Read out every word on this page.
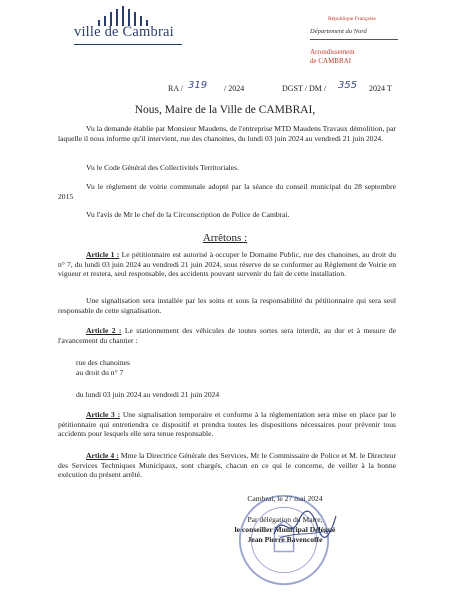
ville de Cambrai
République Française
Département du Nord
Arrondissement
de CAMBRAI
RA / 319 / 2024	DGST / DM / 355 2024 T
Nous, Maire de la Ville de CAMBRAI,
Vu la demande établie par Monsieur Maudens, de l'entreprise MTD Maudens Travaux démolition, par laquelle il nous informe qu'il intervient, rue des chanoines, du lundi 03 juin 2024 au vendredi 21 juin 2024.
Vu le Code Général des Collectivités Territoriales.
Vu le règlement de voirie communale adopté par la séance du conseil municipal du 28 septembre 2015
Vu l'avis de Mr le chef de la Circonscription de Police de Cambrai.
Arrêtons :
Article 1 : Le pétitionnaire est autorisé à occuper le Domaine Public, rue des chanoines, au droit du n° 7, du lundi 03 juin 2024 au vendredi 21 juin 2024, sous réserve de se conformer au Règlement de Voirie en vigueur et restera, seul responsable, des accidents pouvant survenir du fait de cette installation.
Une signalisation sera installée par les soins et sous la responsabilité du pétitionnaire qui sera seul responsable de cette signalisation.
Article 2 : Le stationnement des véhicules de toutes sortes sera interdit, au dur et à mesure de l'avancement du chantier :
rue des chanoines
au droit du n° 7
du lundi 03 juin 2024 au vendredi 21 juin 2024
Article 3 : Une signalisation temporaire et conforme à la réglementation sera mise en place par le pétitionnaire qui entretiendra ce dispositif et prendra toutes les dispositions nécessaires pour prévenir tous accidents pour lesquels elle sera tenue responsable.
Article 4 : Mme la Directrice Générale des Services, Mr le Commissaire de Police et M. le Directeur des Services Techniques Municipaux, sont chargés, chacun en ce qui le concerne, de veiller à la bonne exécution du présent arrêté.
Cambrai, le 27 mai 2024
Par délégation du Maire,
le conseiller Municipal Délégué
Jean Pierre Bavencoffe
